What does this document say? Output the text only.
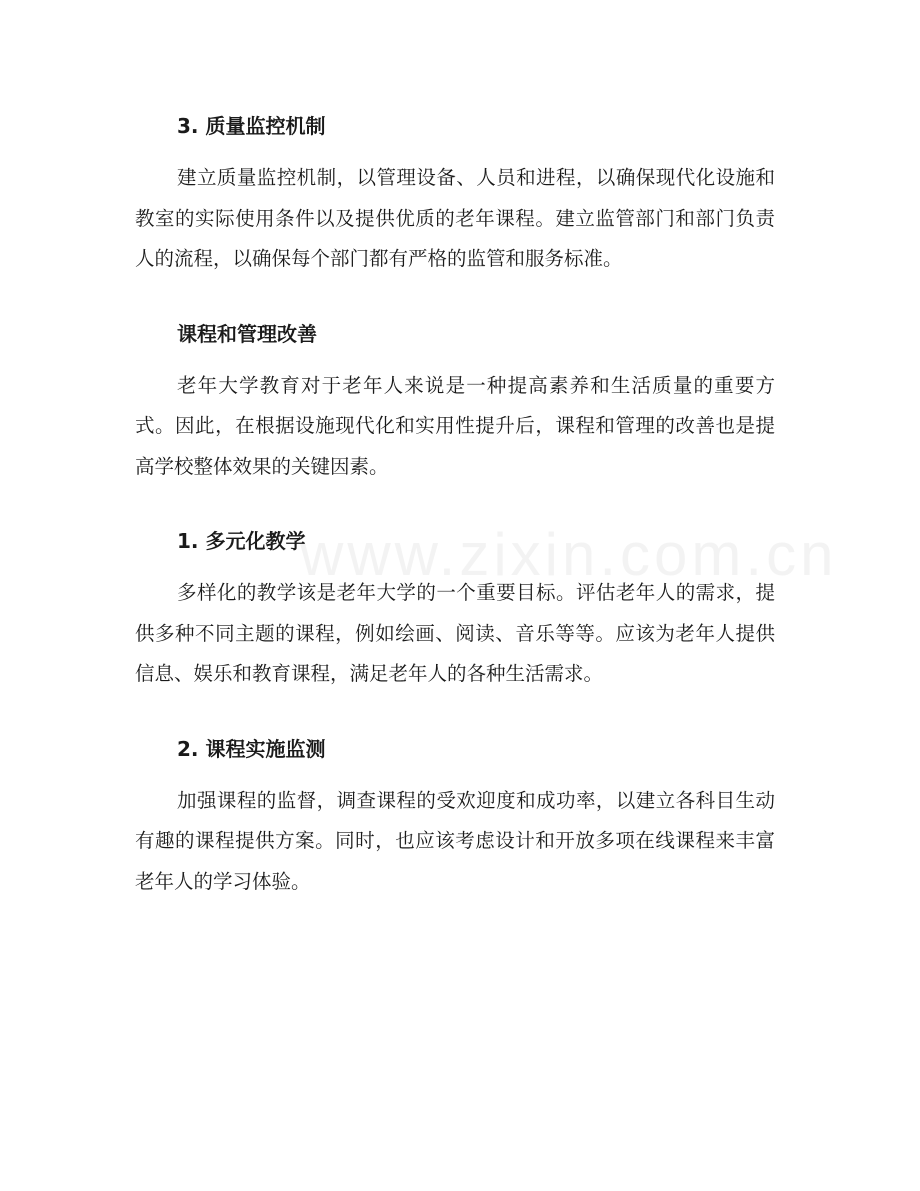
www.zixin.com.cn
3. 质量监控机制

建立质量监控机制，以管理设备、人员和进程，以确保现代化设施和教室的实际使用条件以及提供优质的老年课程。建立监管部门和部门负责人的流程，以确保每个部门都有严格的监管和服务标准。

课程和管理改善

老年大学教育对于老年人来说是一种提高素养和生活质量的重要方式。因此，在根据设施现代化和实用性提升后，课程和管理的改善也是提高学校整体效果的关键因素。

1. 多元化教学

多样化的教学该是老年大学的一个重要目标。评估老年人的需求，提供多种不同主题的课程，例如绘画、阅读、音乐等等。应该为老年人提供信息、娱乐和教育课程，满足老年人的各种生活需求。

2. 课程实施监测

加强课程的监督，调查课程的受欢迎度和成功率，以建立各科目生动有趣的课程提供方案。同时，也应该考虑设计和开放多项在线课程来丰富老年人的学习体验。
